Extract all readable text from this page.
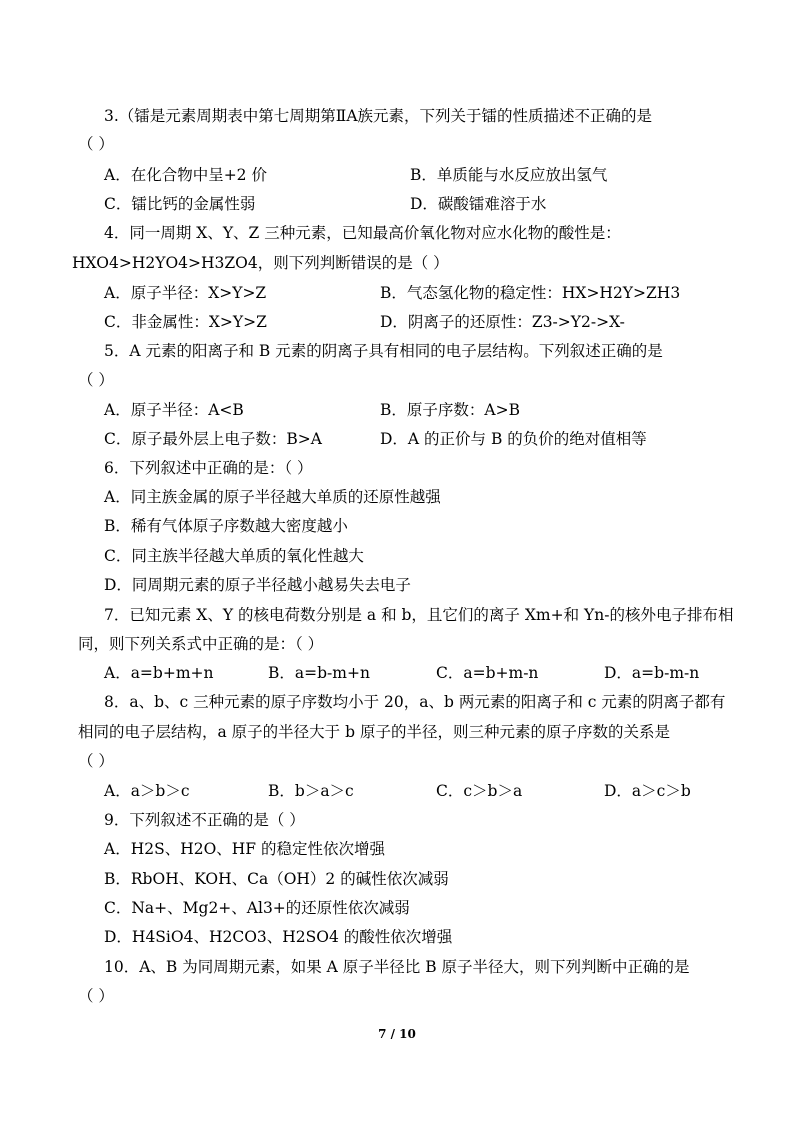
3.（镭是元素周期表中第七周期第ⅡA族元素，下列关于镭的性质描述不正确的是
（ ）
A．在化合物中呈+2 价	B．单质能与水反应放出氢气
C．镭比钙的金属性弱	D．碳酸镭难溶于水
4．同一周期 X、Y、Z 三种元素，已知最高价氧化物对应水化物的酸性是：
HXO4>H2YO4>H3ZO4，则下列判断错误的是（ ）
A．原子半径：X>Y>Z	B．气态氢化物的稳定性：HX>H2Y>ZH3
C．非金属性：X>Y>Z	D．阴离子的还原性：Z3->Y2->X-
5．A 元素的阳离子和 B 元素的阴离子具有相同的电子层结构。下列叙述正确的是
（ ）
A．原子半径：A<B	B．原子序数：A>B
C．原子最外层上电子数：B>A	D．A 的正价与 B 的负价的绝对值相等
6．下列叙述中正确的是：（ ）
A．同主族金属的原子半径越大单质的还原性越强
B．稀有气体原子序数越大密度越小
C．同主族半径越大单质的氧化性越大
D．同周期元素的原子半径越小越易失去电子
7．已知元素 X、Y 的核电荷数分别是 a 和 b，且它们的离子 Xm+和 Yn-的核外电子排布相
同，则下列关系式中正确的是：（ ）
A．a=b+m+n	B．a=b-m+n	C．a=b+m-n	D．a=b-m-n
8．a、b、c 三种元素的原子序数均小于 20，a、b 两元素的阳离子和 c 元素的阴离子都有
相同的电子层结构，a 原子的半径大于 b 原子的半径，则三种元素的原子序数的关系是
（ ）
A．a＞b＞c	B．b＞a＞c	C．c＞b＞a	D．a＞c＞b
9．下列叙述不正确的是（ ）
A．H2S、H2O、HF 的稳定性依次增强
B．RbOH、KOH、Ca（OH）2 的碱性依次减弱
C．Na+、Mg2+、Al3+的还原性依次减弱
D．H4SiO4、H2CO3、H2SO4 的酸性依次增强
10．A、B 为同周期元素，如果 A 原子半径比 B 原子半径大，则下列判断中正确的是
（ ）
7 / 10
